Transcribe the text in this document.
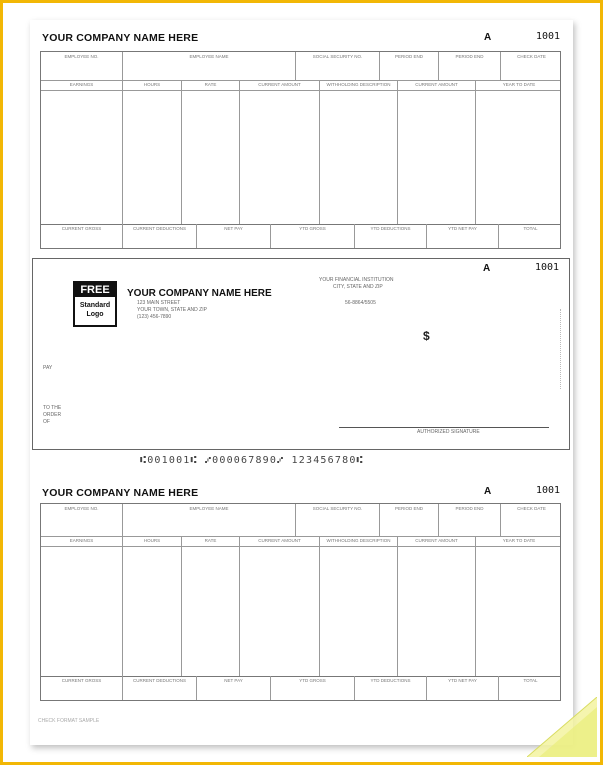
YOUR COMPANY NAME HERE	A	1001
EMPLOYEE NO.	EMPLOYEE NAME	SOCIAL SECURITY NO.	PERIOD END	PERIOD END	CHECK DATE
EARNINGS	HOURS	RATE	CURRENT AMOUNT	WITHHOLDING DESCRIPTION	CURRENT AMOUNT	YEAR TO DATE
CURRENT GROSS	CURRENT DEDUCTIONS	NET PAY	YTD GROSS	YTD DEDUCTIONS	YTD NET PAY	TOTAL
A	1001
FREE
Standard
Logo
YOUR COMPANY NAME HERE
123 MAIN STREET
YOUR TOWN, STATE AND ZIP
(123) 456-7890
YOUR FINANCIAL INSTITUTION
CITY, STATE AND ZIP
56-8864/5505
$
PAY
TO THE
ORDER
OF
AUTHORIZED SIGNATURE
⑆001001⑆ ⑇000067890⑇ 123456780⑆
YOUR COMPANY NAME HERE	A	1001
EMPLOYEE NO.	EMPLOYEE NAME	SOCIAL SECURITY NO.	PERIOD END	PERIOD END	CHECK DATE
EARNINGS	HOURS	RATE	CURRENT AMOUNT	WITHHOLDING DESCRIPTION	CURRENT AMOUNT	YEAR TO DATE
CURRENT GROSS	CURRENT DEDUCTIONS	NET PAY	YTD GROSS	YTD DEDUCTIONS	YTD NET PAY	TOTAL
CHECK FORMAT SAMPLE
